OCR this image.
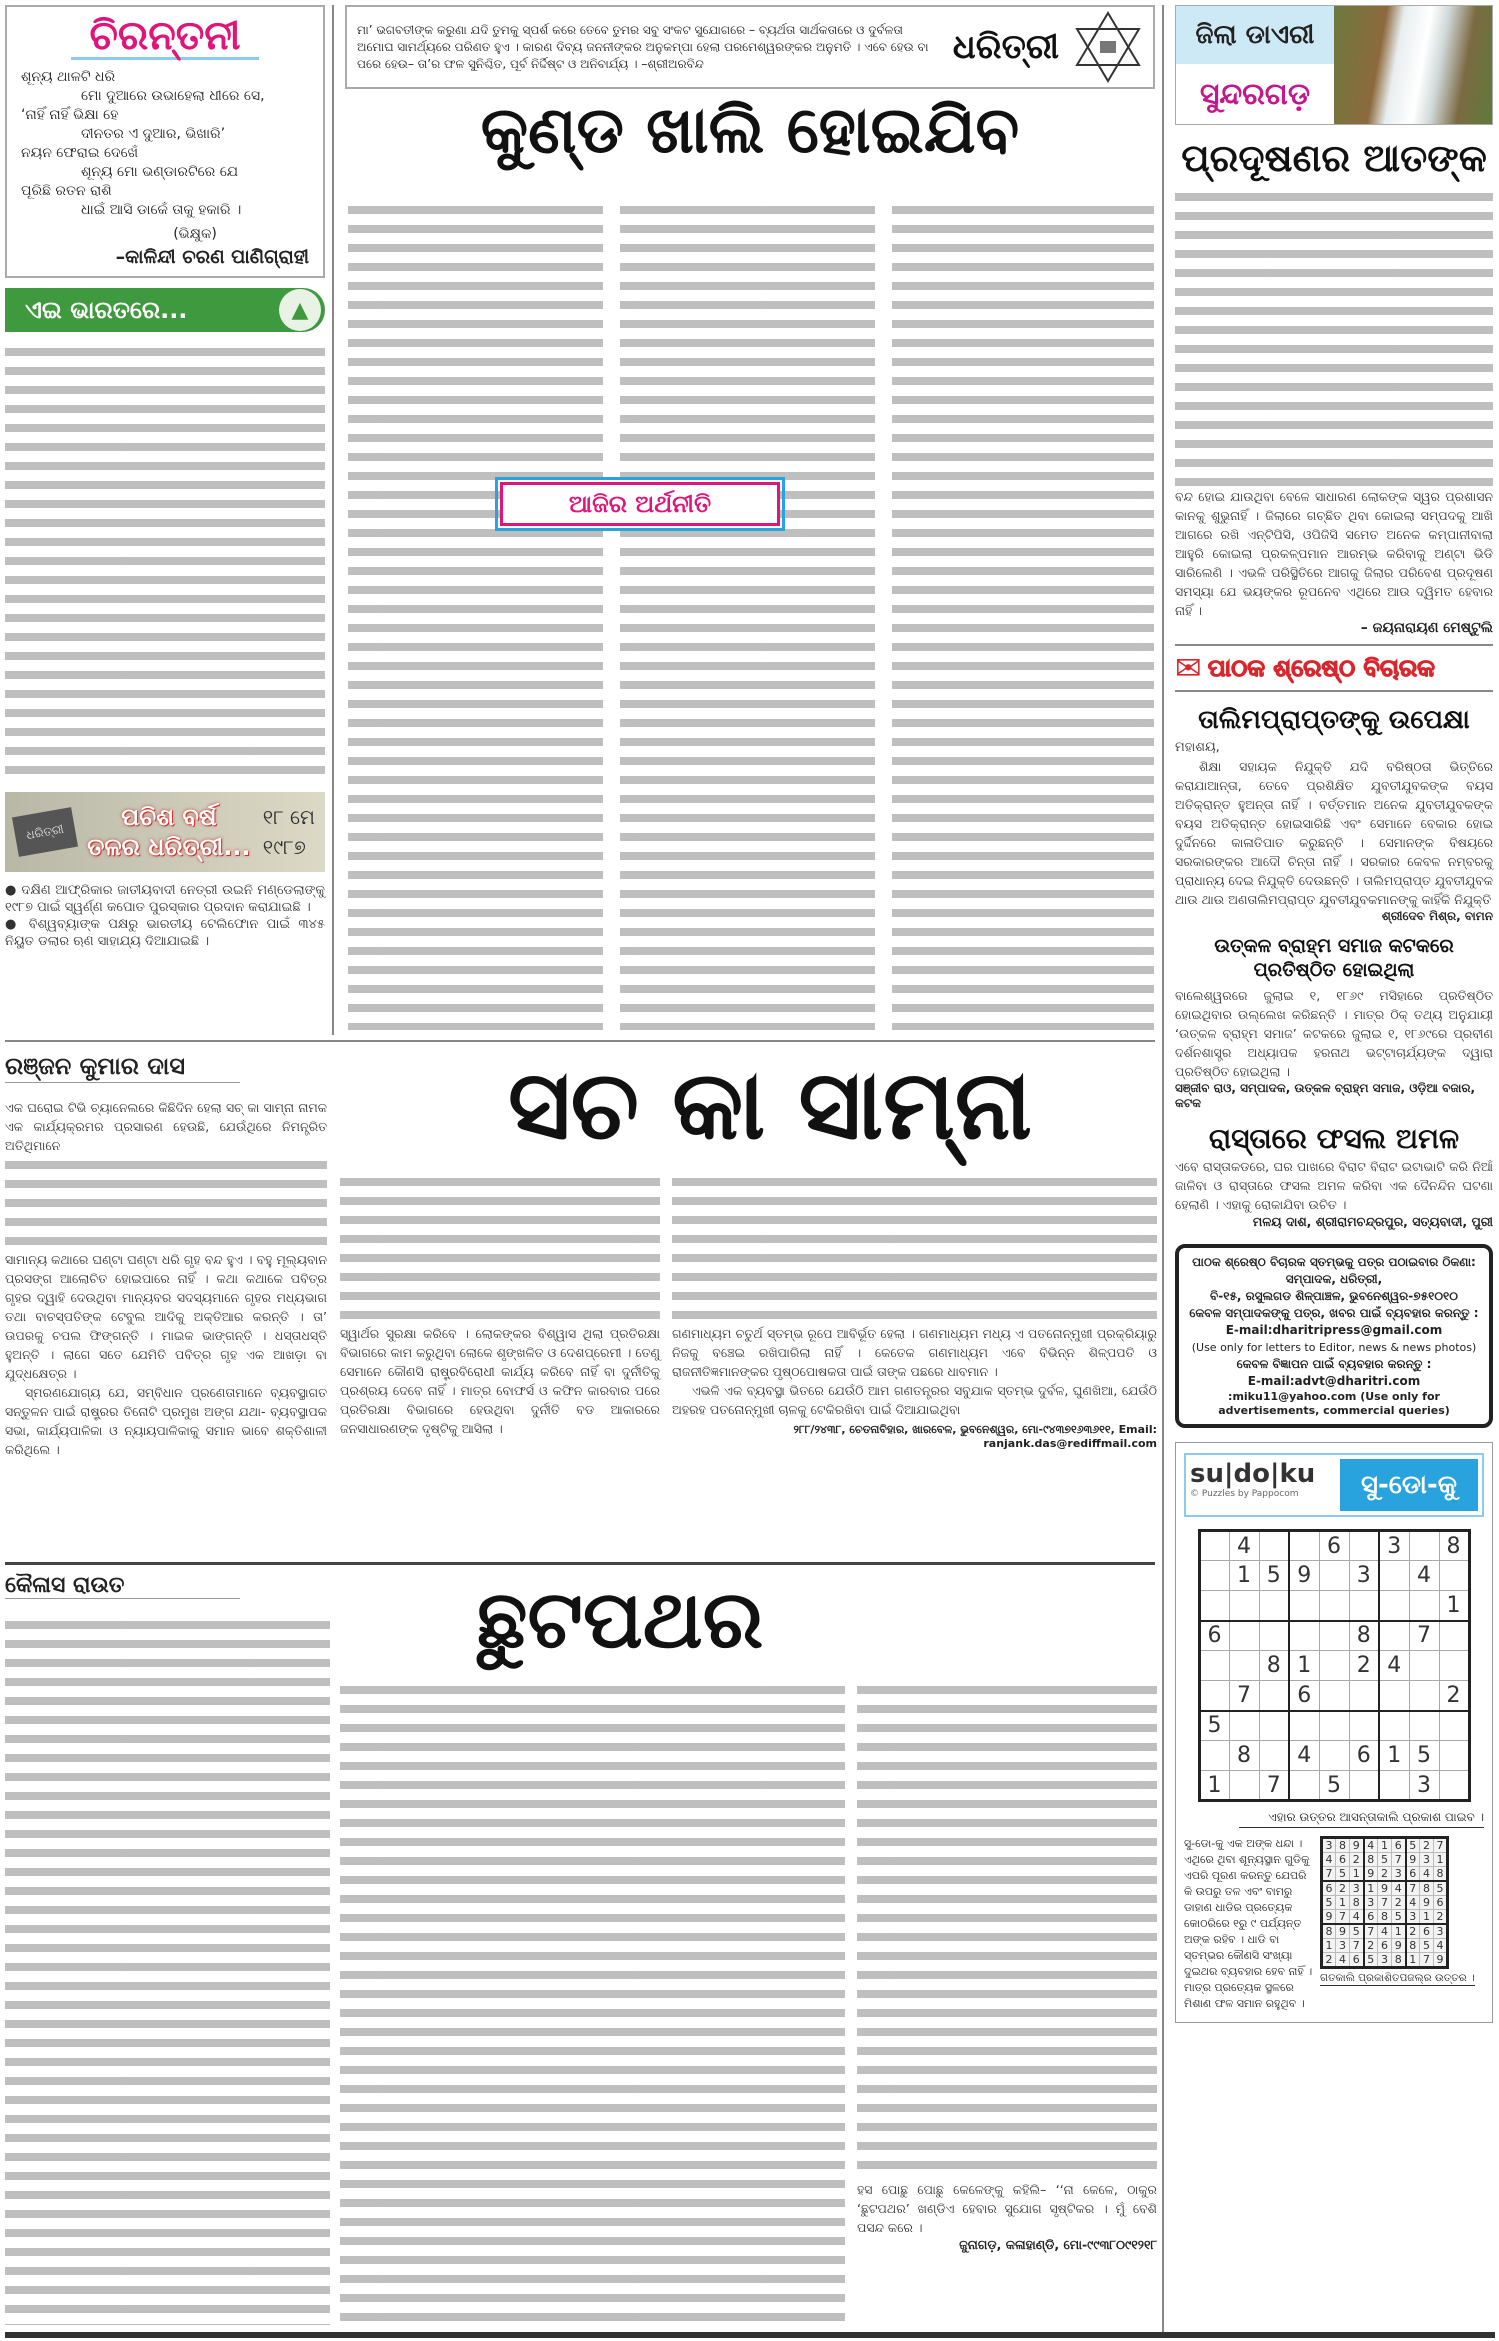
ଚିରନ୍ତନୀ
ଶୂନ୍ୟ ଥାଳଟି ଧରି
ମୋ ଦୁଆରେ ଉଭାହେଲା ଧୀରେ ସେ,
‘ନାହିଁ ନାହିଁ ଭିକ୍ଷା ହେ
ଦୀନତର ଏ ଦୁଆର, ଭିଖାରି’
ନୟନ ଫେରାଇ ଦେଖେଁ
ଶୂନ୍ୟ ମୋ ଭଣ୍ଡାରଟିରେ ଯେ
ପୂରିଛି ରତନ ରାଶି
ଧାଇଁ ଆସି ଡାକେଁ ତାକୁ ହକାରି ।
(ଭିକ୍ଷୁକ)
–କାଳିନ୍ଦୀ ଚରଣ ପାଣିଗ୍ରାହୀ
ଏଇ ଭାରତରେ...	▲
ଧରିତ୍ରୀ
ପଚିଶ ବର୍ଷ
ତଳର ଧରିତ୍ରୀ...
୧୮ ମେ
୧୯୮୭
● ଦକ୍ଷିଣ ଆଫ୍ରିକାର ଜାତୀୟବାଦୀ ନେତ୍ରୀ ଉଇନି ମଣ୍ଡେଲାଙ୍କୁ ୧୯୮୭ ପାଇଁ ସ୍ୱର୍ଣ୍ଣ କପୋତ ପୁରସ୍କାର ପ୍ରଦାନ କରାଯାଇଛି ।
● ବିଶ୍ୱବ୍ୟାଙ୍କ ପକ୍ଷରୁ ଭାରତୀୟ ଟେଲିଫୋନ ପାଇଁ ୩୪୫ ନିୟୁତ ଡଲାର ଋଣ ସାହାଯ୍ୟ ଦିଆଯାଇଛି ।
ମା’ ଭଗବତୀଙ୍କ କରୁଣା ଯଦି ତୁମକୁ ସ୍ପର୍ଶ କରେ ତେବେ ତୁମର ସବୁ ସଂକଟ ସୁଯୋଗରେ – ବ୍ୟର୍ଥତା ସାର୍ଥକତାରେ ଓ ଦୁର୍ବଳତା ଅମୋଘ ସାମର୍ଥ୍ୟରେ ପରିଣତ ହୁଏ । କାରଣ ଦିବ୍ୟ ଜନନୀଙ୍କର ଅନୁକମ୍ପା ହେଲା ପରମେଶ୍ୱରଙ୍କର ଅନୁମତି । ଏବେ ହେଉ ବା ପରେ ହେଉ– ତା’ର ଫଳ ସୁନିଶ୍ଚିତ, ପୂର୍ବ ନିର୍ଦ୍ଦିଷ୍ଟ ଓ ଅନିବାର୍ଯ୍ୟ । –ଶ୍ରୀଅରବିନ୍ଦ	ଧରିତ୍ରୀ
କୁଣ୍ଡ ଖାଲି ହୋଇଯିବ
ଆଜିର ଅର୍ଥନୀତି
ଜିଲା ଡାଏରୀ
ସୁନ୍ଦରଗଡ଼
ପ୍ରଦୂଷଣର ଆତଙ୍କ
ବନ୍ଦ ହୋଇ ଯାଉଥିବା ବେଳେ ସାଧାରଣ ଲୋକଙ୍କ ସ୍ୱର ପ୍ରଶାସନ କାନକୁ ଶୁଭୁନାହିଁ । ଜିଲାରେ ଗଚ୍ଛିତ ଥିବା କୋଇଲା ସମ୍ପଦକୁ ଆଖି ଆଗରେ ରଖି ଏନ୍‌ଟିପିସି, ଓପିଜିସି ସମେତ ଅନେକ କମ୍ପାନୀବାଲା ଆହୁରି କୋଇଲା ପ୍ରକଳ୍ପମାନ ଆରମ୍ଭ କରିବାକୁ ଅଣ୍ଟା ଭିଡି ସାରିଲେଣି । ଏଭଳି ପରିସ୍ଥିତିରେ ଆଗକୁ ଜିଲାର ପରିବେଶ ପ୍ରଦୂଷଣ ସମସ୍ୟା ଯେ ଭୟଙ୍କର ରୂପନେବ ଏଥିରେ ଆଉ ଦ୍ୱିମତ ହେବାର ନାହିଁ ।
– ଜୟନାରାୟଣ ମେଷ୍ଟୁଲି
✉ ପାଠକ ଶ୍ରେଷ୍ଠ ବିଚାରକ
ତାଲିମପ୍ରାପ୍ତଙ୍କୁ ଉପେକ୍ଷା
ମହାଶୟ,
ଶିକ୍ଷା ସହାୟକ ନିଯୁକ୍ତି ଯଦି ବରିଷ୍ଠତା ଭିତ୍ତିରେ କରାଯାଆନ୍ତା, ତେବେ ପ୍ରଶିକ୍ଷିତ ଯୁବତୀଯୁବକଙ୍କ ବୟସ ଅତିକ୍ରାନ୍ତ ହୁଅନ୍ତା ନାହିଁ । ବର୍ତ୍ତମାନ ଅନେକ ଯୁବତୀଯୁବକଙ୍କ ବୟସ ଅତିକ୍ରାନ୍ତ ହୋଇସାରିଛି ଏବଂ ସେମାନେ ବେକାର ହୋଇ ଦୁର୍ଦ୍ଦିନରେ କାଳାତିପାତ କରୁଛନ୍ତି । ସେମାନଙ୍କ ବିଷୟରେ ସରକାରଙ୍କର ଆଦୌ ଚିନ୍ତା ନାହିଁ । ସରକାର କେବଳ ନମ୍ବରକୁ ପ୍ରାଧାନ୍ୟ ଦେଇ ନିଯୁକ୍ତି ଦେଉଛନ୍ତି । ତାଲିମପ୍ରାପ୍ତ ଯୁବତୀଯୁବକ ଥାଉ ଥାଉ ଅଣତାଲିମପ୍ରାପ୍ତ ଯୁବତୀଯୁବକମାନଙ୍କୁ କାହିଁକି ନିଯୁକ୍ତି
ଶ୍ରୀଦେବ ମିଶ୍ର, ବାମନ
ଉତ୍କଳ ବ୍ରାହ୍ମ ସମାଜ କଟକରେ ପ୍ରତିଷ୍ଠିତ ହୋଇଥିଲା
ବାଲେଶ୍ୱରରେ ଜୁଲାଇ ୧, ୧୮୬୯ ମସିହାରେ ପ୍ରତିଷ୍ଠିତ ହୋଇଥିବାର ଉଲ୍ଲେଖ କରିଛନ୍ତି । ମାତ୍ର ଠିକ୍ ତଥ୍ୟ ଅନୁଯାୟୀ ‘ଉତ୍କଳ ବ୍ରାହ୍ମ ସମାଜ’ କଟକରେ ଜୁଲାଇ ୧, ୧୮୬୯ରେ ପ୍ରବୀଣ ଦର୍ଶନଶାସ୍ତ୍ର ଅଧ୍ୟାପକ ହରନାଥ ଭଟ୍ଟାଚାର୍ଯ୍ୟଙ୍କ ଦ୍ୱାରା ପ୍ରତିଷ୍ଠିତ ହୋଇଥିଲା ।
ସଞ୍ଜୀବ ରାଓ, ସମ୍ପାଦକ, ଉତ୍କଳ ବ୍ରାହ୍ମ ସମାଜ, ଓଡ଼ିଆ ବଜାର, କଟକ
ରାସ୍ତାରେ ଫସଲ ଅମଳ
ଏବେ ରାସ୍ତାକଡରେ, ଘର ପାଖରେ ବିରାଟ ବିରାଟ ଇଟାଭାଟି କରି ନିଆଁ ଜାଳିବା ଓ ରାସ୍ତାରେ ଫସଲ ଅମଳ କରିବା ଏକ ଦୈନନ୍ଦିନ ଘଟଣା ହେଲାଣି । ଏହାକୁ ରୋକାଯିବା ଉଚିତ ।
ମଳୟ ଦାଶ, ଶ୍ରୀରାମଚନ୍ଦ୍ରପୁର, ସତ୍ୟବାଦୀ, ପୁରୀ
ପାଠକ ଶ୍ରେଷ୍ଠ ବିଚାରକ ସ୍ତମ୍ଭକୁ ପତ୍ର ପଠାଇବାର ଠିକଣା:
ସମ୍ପାଦକ, ଧରିତ୍ରୀ,
ବି-୧୫, ରସୁଲଗଡ ଶିଳ୍ପାଞ୍ଚଳ, ଭୁବନେଶ୍ୱର-୭୫୧୦୧୦
କେବଳ ସମ୍ପାଦକଙ୍କୁ ପତ୍ର, ଖବର ପାଇଁ ବ୍ୟବହାର କରନ୍ତୁ :
E-mail:dharitripress@gmail.com
(Use only for letters to Editor, news & news photos)
କେବଳ ବିଜ୍ଞାପନ ପାଇଁ ବ୍ୟବହାର କରନ୍ତୁ :
E-mail:advt@dharitri.com
:miku11@yahoo.com (Use only for advertisements, commercial queries)
su|do|ku
© Puzzles by Pappocom	ସୁ-ଡୋ-କୁ
	4			6		3		8
	1	5	9		3		4	
								1
6					8		7	
		8	1		2	4		
	7		6					2
5								
	8		4		6	1	5	
1		7		5			3	
ଏହାର ଉତ୍ତର ଆସନ୍ତାକାଲି ପ୍ରକାଶ ପାଇବ ।
ସୁ-ଡୋ-କୁ ଏକ ଅଙ୍କ ଧନ୍ଦା । ଏଥିରେ ଥିବା ଶୂନ୍ୟସ୍ଥାନ ଗୁଡିକୁ ଏପରି ପୂରଣ କରନ୍ତୁ ଯେପରି କି ଉପରୁ ତଳ ଏବଂ ବାମରୁ ଡାହାଣ ଧାଡିର ପ୍ରତ୍ୟେକ କୋଠରିରେ ୧ରୁ ୯ ପର୍ଯ୍ୟନ୍ତ ଅଙ୍କ ରହିବ । ଧାଡି ବା ସ୍ତମ୍ଭର କୌଣସି ସଂଖ୍ୟା ଦୁଇଥର ବ୍ୟବହାର ହେବ ନାହିଁ । ମାତ୍ର ପ୍ରତ୍ୟେକ ସ୍ଥଳରେ ମିଶାଣ ଫଳ ସମାନ ରହୁଥିବ ।
3	8	9	4	1	6	5	2	7
4	6	2	8	5	7	9	3	1
7	5	1	9	2	3	6	4	8
6	2	3	1	9	4	7	8	5
5	1	8	3	7	2	4	9	6
9	7	4	6	8	5	3	1	2
8	9	5	7	4	1	2	6	3
1	3	7	2	6	9	8	5	4
2	4	6	5	3	8	1	7	9
ଗତକାଲି ପ୍ରକାଶିତପଜଲ୍‌ର ଉତ୍ତର ।
ରଞ୍ଜନ କୁମାର ଦାସ	ସଚ କା ସାମ୍ନା
ଏକ ଘରୋଇ ଟିଭି ଚ୍ୟାନେଲରେ କିଛିଦିନ ହେଲା ସଚ୍ କା ସାମ୍ନା ନାମକ ଏକ କାର୍ଯ୍ୟକ୍ରମର ପ୍ରସାରଣ ହେଉଛି, ଯେଉଁଥିରେ ନିମନ୍ତ୍ରିତ ଅତିଥିମାନେ
ସାମାନ୍ୟ କଥାରେ ଘଣ୍ଟା ଘଣ୍ଟା ଧରି ଗୃହ ବନ୍ଦ ହୁଏ । ବହୁ ମୂଲ୍ୟବାନ ପ୍ରସଙ୍ଗ ଆଲୋଚିତ ହୋଇପାରେ ନାହିଁ । କଥା କଥାକେ ପବିତ୍ର ଗୃହର ଦ୍ୱାହି ଦେଉଥିବା ମାନ୍ୟବର ସଦସ୍ୟମାନେ ଗୃହର ମଧ୍ୟଭାଗ ତଥା ବାଚସ୍ପତିଙ୍କ ଟେବୁଲ ଆଦିକୁ ଅକ୍ତିଆର କରନ୍ତି । ତା’ ଉପରକୁ ଚପଲ ଫିଙ୍ଗନ୍ତି । ମାଇକ ଭାଙ୍ଗନ୍ତି । ଧସ୍ତାଧସ୍ତି ହୁଅନ୍ତି । ଲାଗେ ସତେ ଯେମିତି ପବିତ୍ର ଗୃହ ଏକ ଆଖଡ଼ା ବା ଯୁଦ୍ଧକ୍ଷେତ୍ର ।
ସ୍ମରଣଯୋଗ୍ୟ ଯେ, ସମ୍ବିଧାନ ପ୍ରଣେତାମାନେ ବ୍ୟବସ୍ଥାଗତ ସନ୍ତୁଳନ ପାଇଁ ରାଷ୍ଟ୍ରର ତିନୋଟି ପ୍ରମୁଖ ଅଙ୍ଗ ଯଥା- ବ୍ୟବସ୍ଥାପକ ସଭା, କାର୍ଯ୍ୟପାଳିକା ଓ ନ୍ୟାୟପାଳିକାକୁ ସମାନ ଭାବେ ଶକ୍ତିଶାଳୀ କରିଥିଲେ ।
ସ୍ୱାର୍ଥର ସୁରକ୍ଷା କରିବେ । ଲୋକଙ୍କର ବିଶ୍ୱାସ ଥିଲା ପ୍ରତିରକ୍ଷା ବିଭାଗରେ କାମ କରୁଥିବା ଲୋକେ ଶୃଙ୍ଖଳିତ ଓ ଦେଶପ୍ରେମୀ । ତେଣୁ ସେମାନେ କୌଣସି ରାଷ୍ଟ୍ରବିରୋଧୀ କାର୍ଯ୍ୟ କରିବେ ନାହିଁ ବା ଦୁର୍ନୀତିକୁ ପ୍ରଶ୍ରୟ ଦେବେ ନାହିଁ । ମାତ୍ର ବୋଫର୍ସ ଓ କଫିନ କାରବାର ପରେ ପ୍ରତିରକ୍ଷା ବିଭାଗରେ ହେଉଥିବା ଦୁର୍ନୀତି ବଡ ଆକାରରେ ଜନସାଧାରଣଙ୍କ ଦୃଷ୍ଟିକୁ ଆସିଲା ।
ଗଣମାଧ୍ୟମ ଚତୁର୍ଥ ସ୍ତମ୍ଭ ରୂପେ ଆବିର୍ଭୂତ ହେଲା । ଗଣମାଧ୍ୟମ ମଧ୍ୟ ଏ ପତନୋନ୍ମୁଖୀ ପ୍ରକ୍ରିୟାରୁ ନିଜକୁ ବଞ୍ଚେଇ ରଖିପାରିଲା ନାହିଁ । କେତେକ ଗଣମାଧ୍ୟମ ଏବେ ବିଭିନ୍ନ ଶିଳ୍ପପତି ଓ ରାଜନୀତିଜ୍ଞମାନଙ୍କର ପୃଷ୍ଠପୋଷକତା ପାଇଁ ତାଙ୍କ ପଛରେ ଧାବମାନ ।
ଏଭଳି ଏକ ବ୍ୟବସ୍ଥା ଭିତରେ ଯେଉଁଠି ଆମ ଗଣତନ୍ତ୍ରର ସବୁଯାକ ସ୍ତମ୍ଭ ଦୁର୍ବଳ, ଘୁଣଖିଆ, ଯେଉଁଠି ଅହରହ ପତନୋନ୍ମୁଖୀ ଚାଳକୁ ଟେକିରଖିବା ପାଇଁ ଦିଆଯାଇଥିବା
୨୮୮/୨୪୩୮, ଚେତନାବିହାର, ଖାରବେଳ, ଭୁବନେଶ୍ୱର, ମୋ-୯୪୩୭୧୬୩୬୧୧, Email: ranjank.das@rediffmail.com
କୈଳାସ ରାଉତ	ଛୁଟପଥର
ହସ ପୋଛୁ ପୋଛୁ କେଳେଙ୍କୁ କହିଲି– ‘‘ନା କେଳେ, ଠାକୁର ‘ଛୁଟପଥର’ ଖଣ୍ଡିଏ ହେବାର ସୁଯୋଗ ସୃଷ୍ଟିକର । ମୁଁ ବେଶି ପସନ୍ଦ କରେ ।
ଜୁନାଗଡ଼, କଳାହାଣ୍ଡି, ମୋ-୯୯୩୮୦୯୧୨୧୮
